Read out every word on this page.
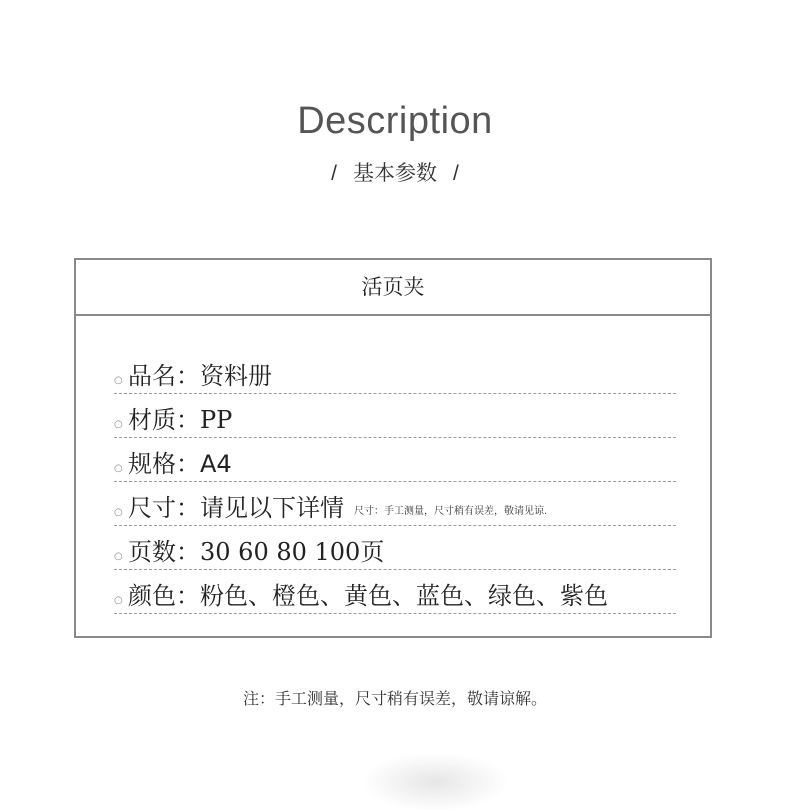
Description
/ 基本参数 /
活页夹
○ 品名：资料册
○ 材质：PP
○ 规格：A4
○ 尺寸：请见以下详情 尺寸：手工测量，尺寸稍有误差，敬请见谅.
○ 页数：30 60 80 100页
○ 颜色：粉色、橙色、黄色、蓝色、绿色、紫色
注：手工测量，尺寸稍有误差，敬请谅解。
